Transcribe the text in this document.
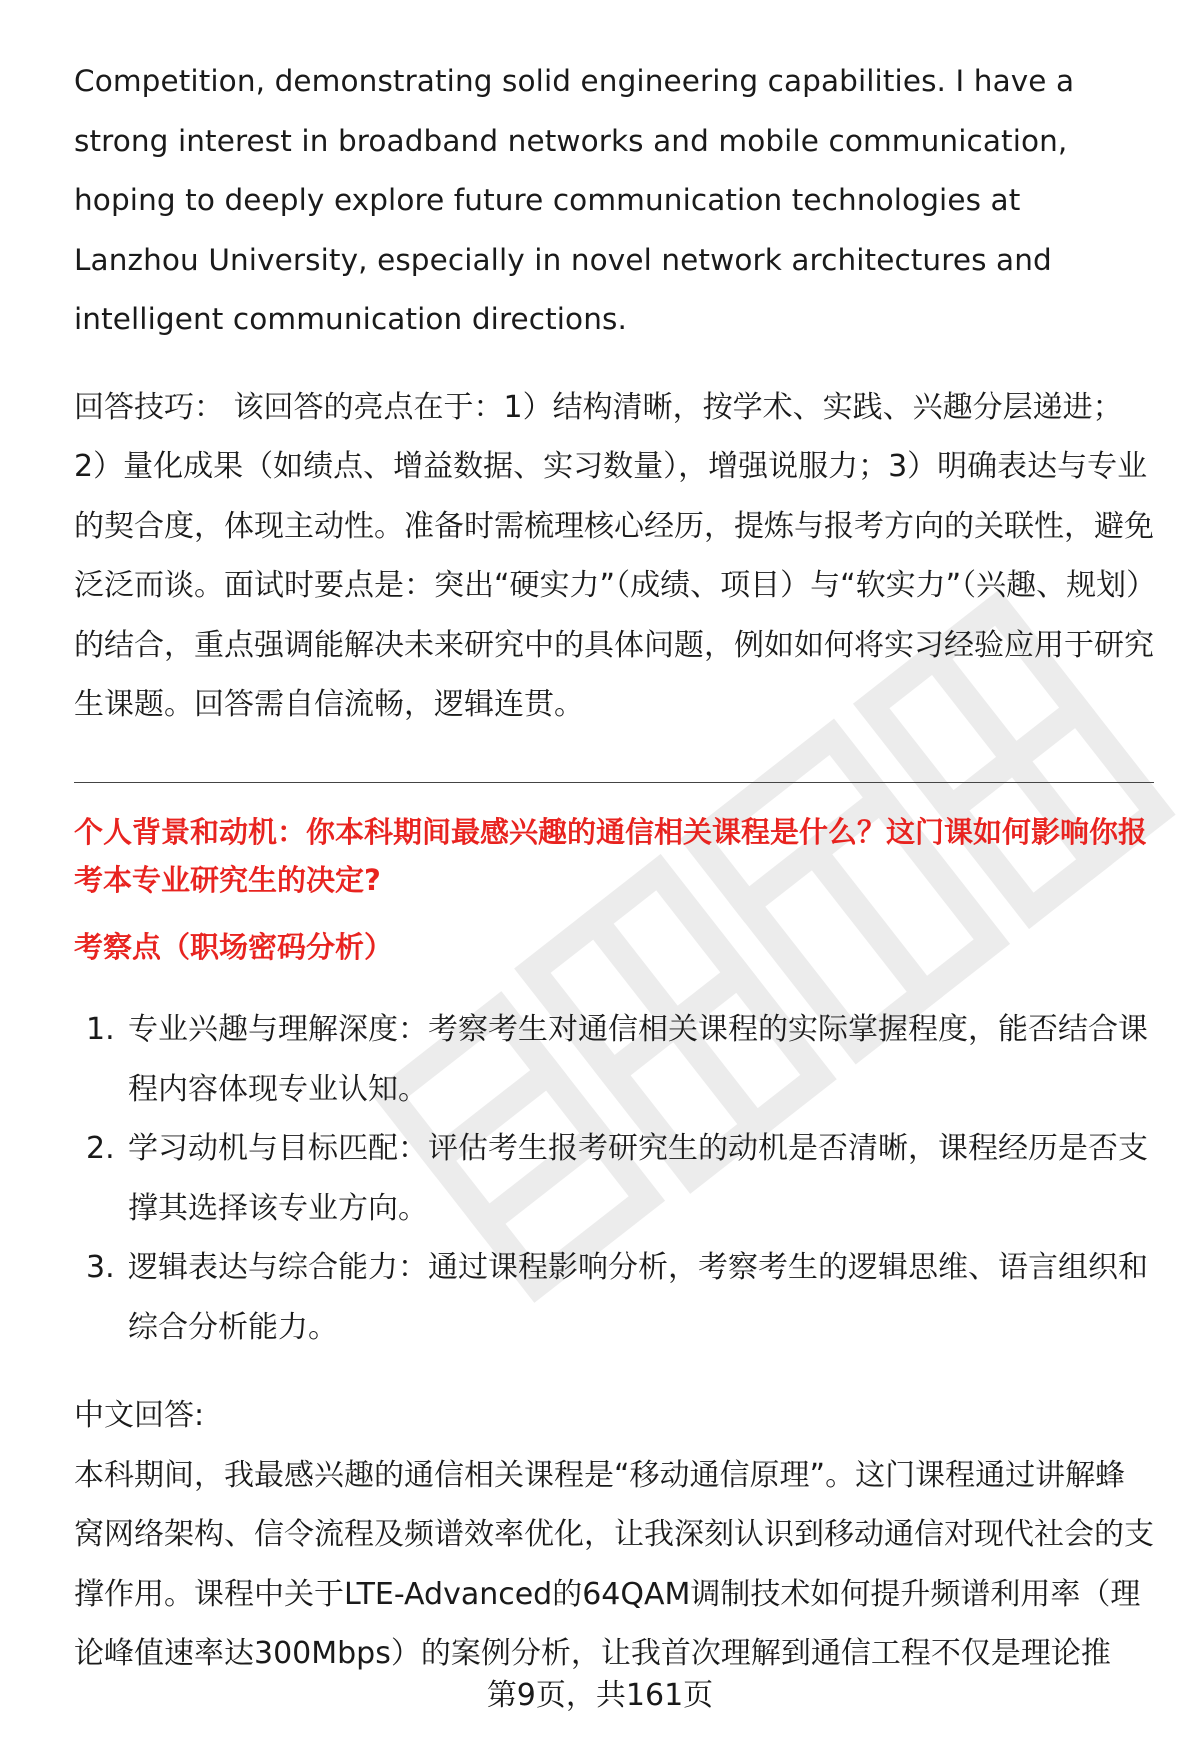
Competition, demonstrating solid engineering capabilities. I have a strong interest in broadband networks and mobile communication, hoping to deeply explore future communication technologies at Lanzhou University, especially in novel network architectures and intelligent communication directions.

回答技巧： 该回答的亮点在于：1）结构清晰，按学术、实践、兴趣分层递进；2）量化成果（如绩点、增益数据、实习数量），增强说服力；3）明确表达与专业的契合度，体现主动性。准备时需梳理核心经历，提炼与报考方向的关联性，避免泛泛而谈。面试时要点是：突出“硬实力”（成绩、项目）与“软实力”（兴趣、规划）的结合，重点强调能解决未来研究中的具体问题，例如如何将实习经验应用于研究生课题。回答需自信流畅，逻辑连贯。

个人背景和动机：你本科期间最感兴趣的通信相关课程是什么？这门课如何影响你报考本专业研究生的决定?

考察点（职场密码分析）

1. 专业兴趣与理解深度：考察考生对通信相关课程的实际掌握程度，能否结合课程内容体现专业认知。
2. 学习动机与目标匹配：评估考生报考研究生的动机是否清晰，课程经历是否支撑其选择该专业方向。
3. 逻辑表达与综合能力：通过课程影响分析，考察考生的逻辑思维、语言组织和综合分析能力。

中文回答:

本科期间，我最感兴趣的通信相关课程是“移动通信原理”。这门课程通过讲解蜂窝网络架构、信令流程及频谱效率优化，让我深刻认识到移动通信对现代社会的支撑作用。课程中关于LTE-Advanced的64QAM调制技术如何提升频谱利用率（理论峰值速率达300Mbps）的案例分析，让我首次理解到通信工程不仅是理论推

第9页，共161页
